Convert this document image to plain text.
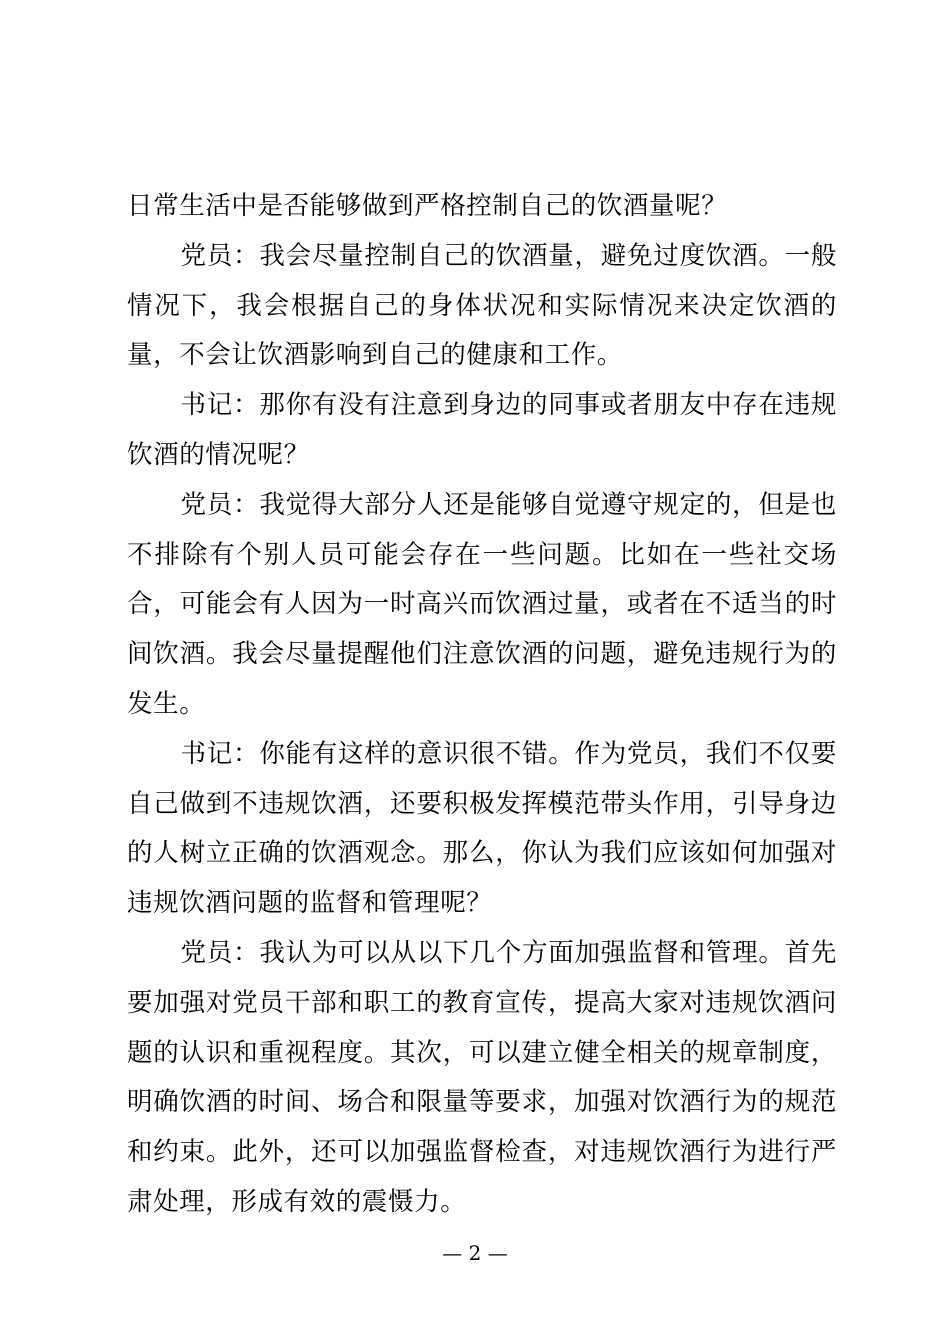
日常生活中是否能够做到严格控制自己的饮酒量呢？

党员：我会尽量控制自己的饮酒量，避免过度饮酒。一般情况下，我会根据自己的身体状况和实际情况来决定饮酒的量，不会让饮酒影响到自己的健康和工作。

书记：那你有没有注意到身边的同事或者朋友中存在违规饮酒的情况呢？

党员：我觉得大部分人还是能够自觉遵守规定的，但是也不排除有个别人员可能会存在一些问题。比如在一些社交场合，可能会有人因为一时高兴而饮酒过量，或者在不适当的时间饮酒。我会尽量提醒他们注意饮酒的问题，避免违规行为的发生。

书记：你能有这样的意识很不错。作为党员，我们不仅要自己做到不违规饮酒，还要积极发挥模范带头作用，引导身边的人树立正确的饮酒观念。那么，你认为我们应该如何加强对违规饮酒问题的监督和管理呢？

党员：我认为可以从以下几个方面加强监督和管理。首先要加强对党员干部和职工的教育宣传，提高大家对违规饮酒问题的认识和重视程度。其次，可以建立健全相关的规章制度，明确饮酒的时间、场合和限量等要求，加强对饮酒行为的规范和约束。此外，还可以加强监督检查，对违规饮酒行为进行严肃处理，形成有效的震慑力。

— 2 —
